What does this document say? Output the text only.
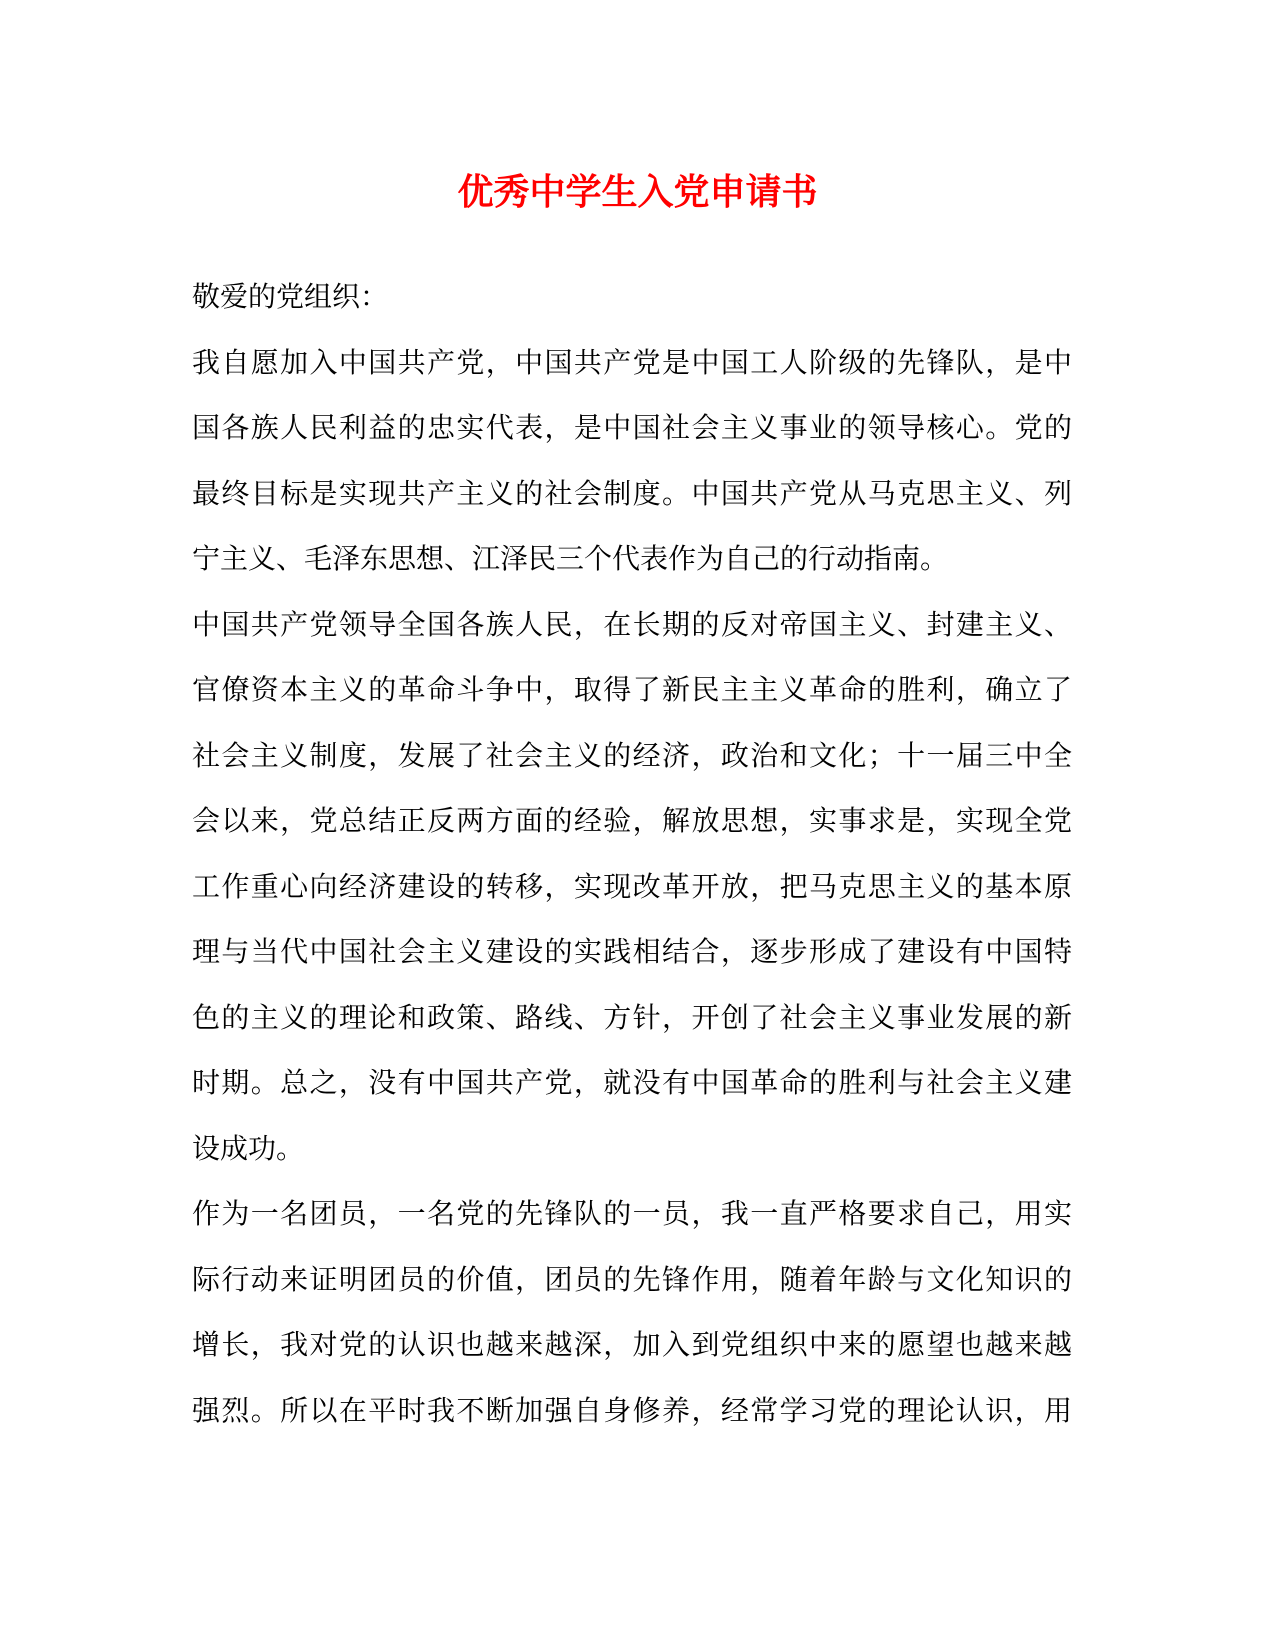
优秀中学生入党申请书
敬爱的党组织：
我自愿加入中国共产党，中国共产党是中国工人阶级的先锋队，是中
国各族人民利益的忠实代表，是中国社会主义事业的领导核心。党的
最终目标是实现共产主义的社会制度。中国共产党从马克思主义、列
宁主义、毛泽东思想、江泽民三个代表作为自己的行动指南。
中国共产党领导全国各族人民，在长期的反对帝国主义、封建主义、
官僚资本主义的革命斗争中，取得了新民主主义革命的胜利，确立了
社会主义制度，发展了社会主义的经济，政治和文化；十一届三中全
会以来，党总结正反两方面的经验，解放思想，实事求是，实现全党
工作重心向经济建设的转移，实现改革开放，把马克思主义的基本原
理与当代中国社会主义建设的实践相结合，逐步形成了建设有中国特
色的主义的理论和政策、路线、方针，开创了社会主义事业发展的新
时期。总之，没有中国共产党，就没有中国革命的胜利与社会主义建
设成功。
作为一名团员，一名党的先锋队的一员，我一直严格要求自己，用实
际行动来证明团员的价值，团员的先锋作用，随着年龄与文化知识的
增长，我对党的认识也越来越深，加入到党组织中来的愿望也越来越
强烈。所以在平时我不断加强自身修养，经常学习党的理论认识，用
